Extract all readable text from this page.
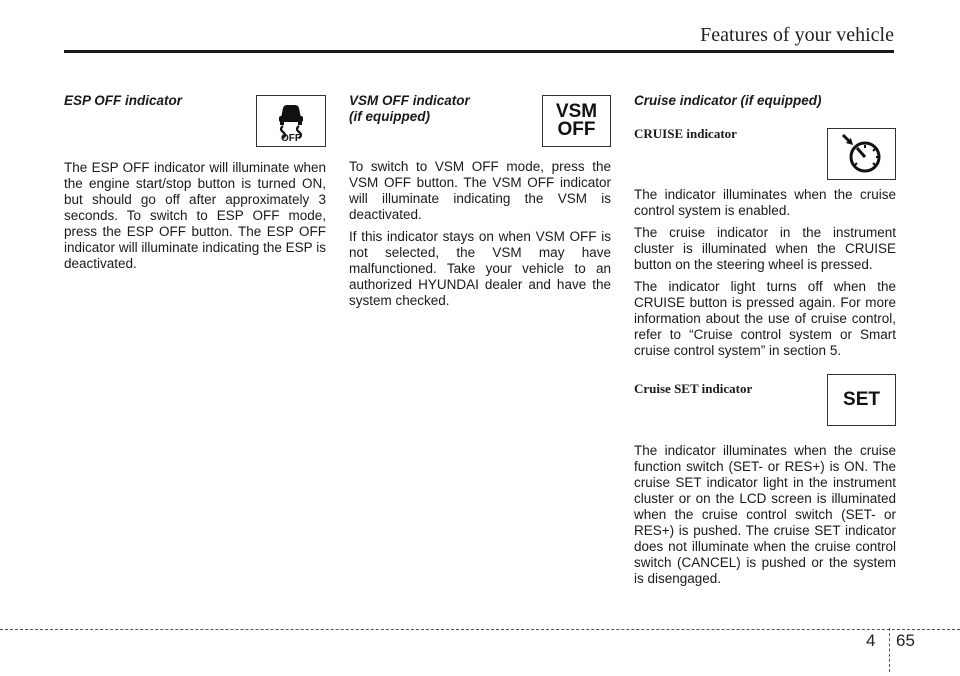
Features of your vehicle

ESP OFF indicator

The ESP OFF indicator will illuminate when the engine start/stop button is turned ON, but should go off after approximately 3 seconds. To switch to ESP OFF mode, press the ESP OFF button. The ESP OFF indicator will illuminate indicating the ESP is deactivated.

OFF

VSM OFF indicator

(if equipped)

To switch to VSM OFF mode, press the VSM OFF button. The VSM OFF indicator will illuminate indicating the VSM is deactivated.

If this indicator stays on when VSM OFF is not selected, the VSM may have malfunctioned. Take your vehicle to an authorized HYUNDAI dealer and have the system checked.

VSM
OFF

Cruise indicator (if equipped)

CRUISE indicator

The indicator illuminates when the cruise control system is enabled.

The cruise indicator in the instrument cluster is illuminated when the CRUISE button on the steering wheel is pressed.

The indicator light turns off when the CRUISE button is pressed again. For more information about the use of cruise control, refer to “Cruise control system or Smart cruise control system” in section 5.

Cruise SET indicator

The indicator illuminates when the cruise function switch (SET- or RES+) is ON. The cruise SET indicator light in the instrument cluster or on the LCD screen is illuminated when the cruise control switch (SET- or RES+) is pushed. The cruise SET indicator does not illuminate when the cruise control switch (CANCEL) is pushed or the system is disengaged.

SET
4 65
